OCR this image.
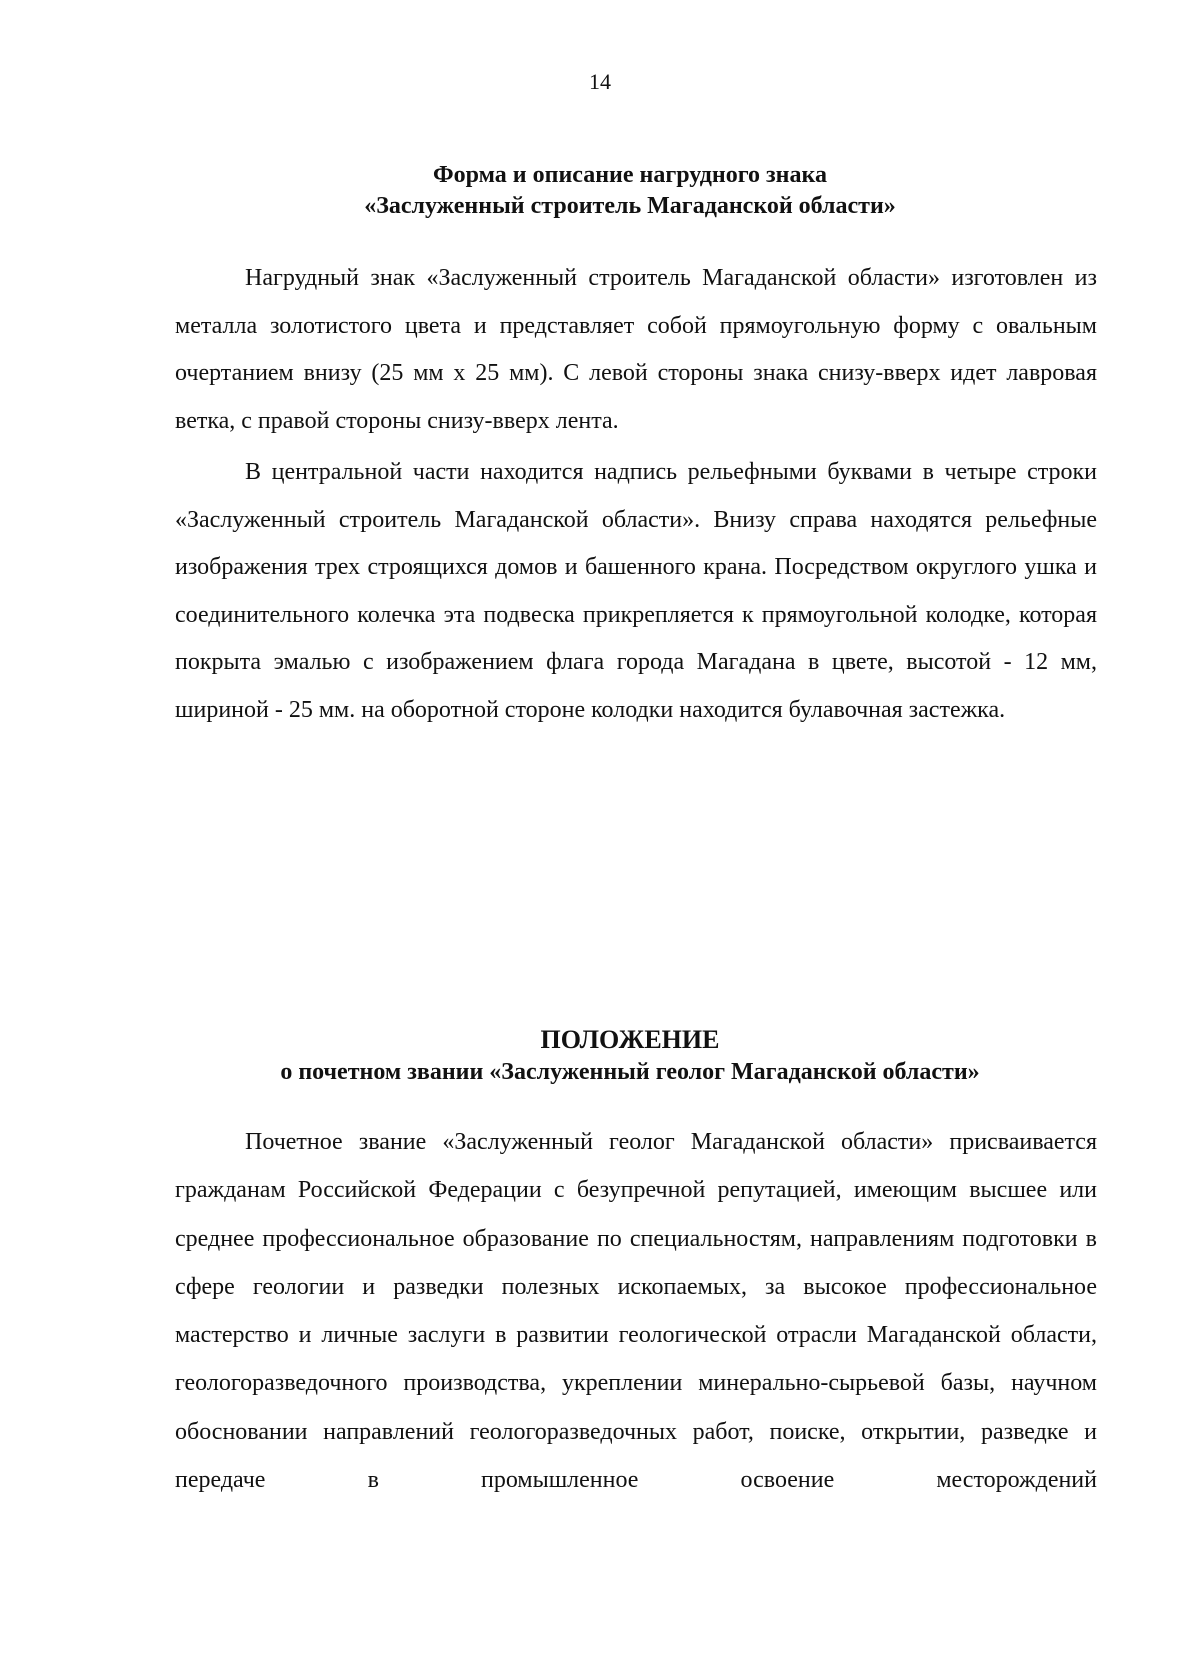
14
Форма и описание нагрудного знака
«Заслуженный строитель Магаданской области»

Нагрудный знак «Заслуженный строитель Магаданской области» изготовлен из металла золотистого цвета и представляет собой прямоугольную форму с овальным очертанием внизу (25 мм х 25 мм). С левой стороны знака снизу-вверх идет лавровая ветка, с правой стороны снизу-вверх лента.

В центральной части находится надпись рельефными буквами в четыре строки «Заслуженный строитель Магаданской области». Внизу справа находятся рельефные изображения трех строящихся домов и башенного крана. Посредством округлого ушка и соединительного колечка эта подвеска прикрепляется к прямоугольной колодке, которая покрыта эмалью с изображением флага города Магадана в цвете, высотой - 12 мм, шириной - 25 мм. на оборотной стороне колодки находится булавочная застежка.

ПОЛОЖЕНИЕ
о почетном звании «Заслуженный геолог Магаданской области»

Почетное звание «Заслуженный геолог Магаданской области» присваивается гражданам Российской Федерации с безупречной репутацией, имеющим высшее или среднее профессиональное образование по специальностям, направлениям подготовки в сфере геологии и разведки полезных ископаемых, за высокое профессиональное мастерство и личные заслуги в развитии геологической отрасли Магаданской области, геологоразведочного производства, укреплении минерально-сырьевой базы, научном обосновании направлений геологоразведочных работ, поиске, открытии, разведке и передаче в промышленное освоение месторождений
